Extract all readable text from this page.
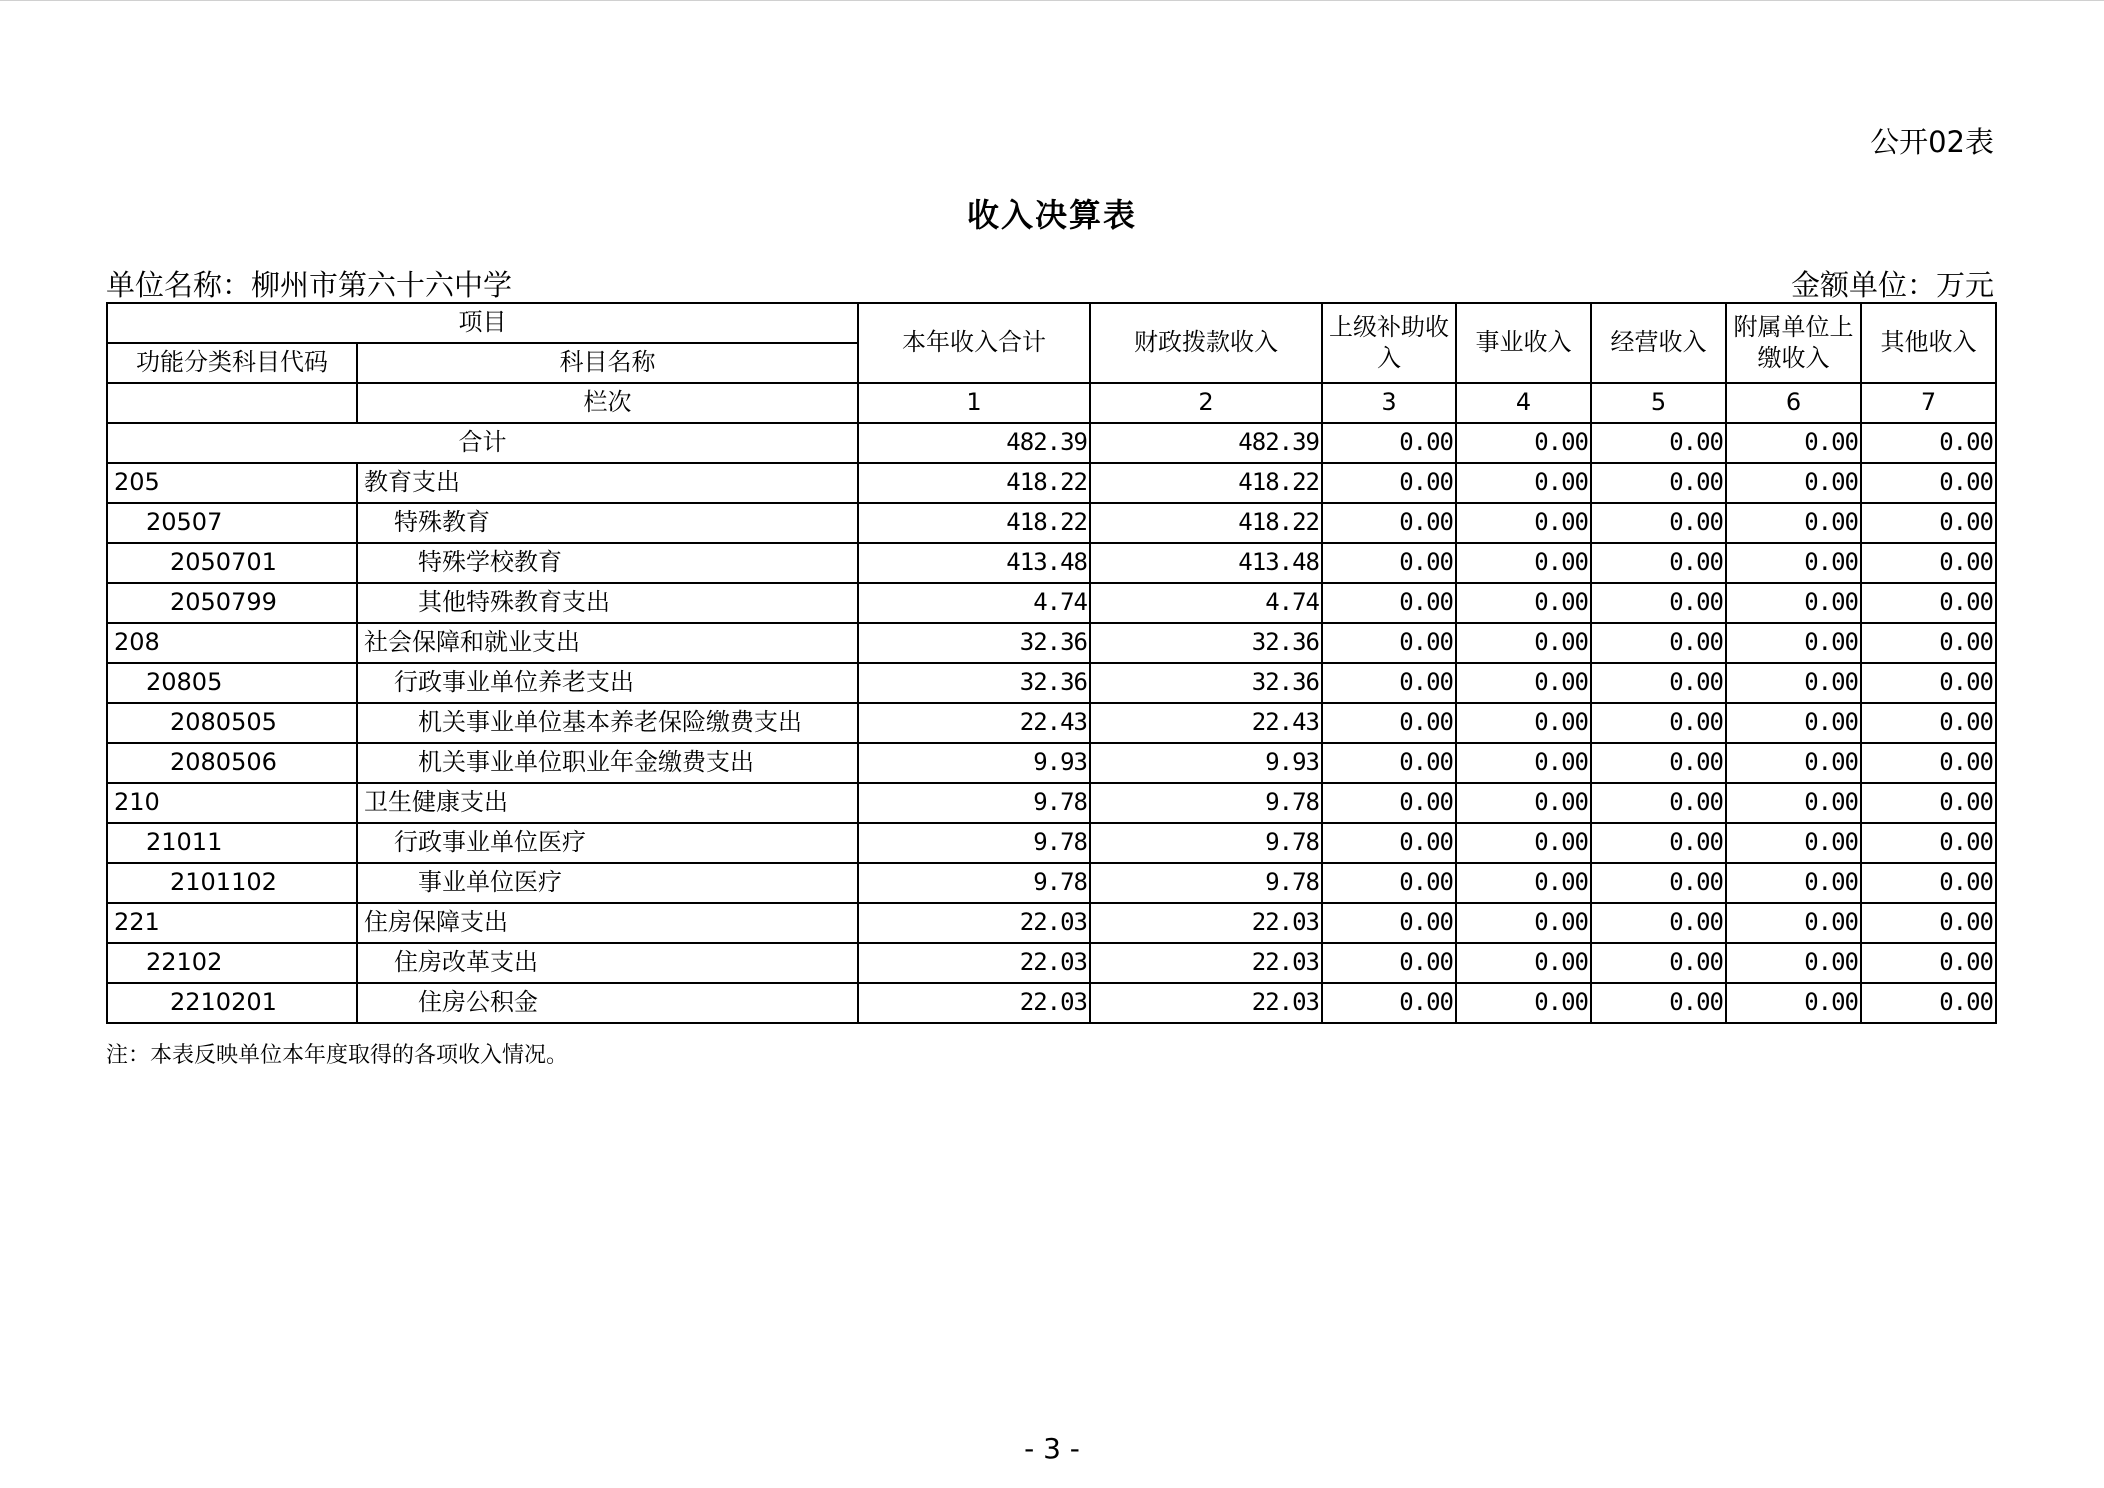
公开02表
收入决算表
单位名称：柳州市第六十六中学	金额单位：万元
项目		本年收入合计	财政拨款收入	上级补助收入	事业收入	经营收入	附属单位上缴收入	其他收入
功能分类科目代码	科目名称							
	栏次	1	2	3	4	5	6	7
合计		482.39	482.39	0.00	0.00	0.00	0.00	0.00
205	教育支出	418.22	418.22	0.00	0.00	0.00	0.00	0.00
20507	特殊教育	418.22	418.22	0.00	0.00	0.00	0.00	0.00
2050701	特殊学校教育	413.48	413.48	0.00	0.00	0.00	0.00	0.00
2050799	其他特殊教育支出	4.74	4.74	0.00	0.00	0.00	0.00	0.00
208	社会保障和就业支出	32.36	32.36	0.00	0.00	0.00	0.00	0.00
20805	行政事业单位养老支出	32.36	32.36	0.00	0.00	0.00	0.00	0.00
2080505	机关事业单位基本养老保险缴费支出	22.43	22.43	0.00	0.00	0.00	0.00	0.00
2080506	机关事业单位职业年金缴费支出	9.93	9.93	0.00	0.00	0.00	0.00	0.00
210	卫生健康支出	9.78	9.78	0.00	0.00	0.00	0.00	0.00
21011	行政事业单位医疗	9.78	9.78	0.00	0.00	0.00	0.00	0.00
2101102	事业单位医疗	9.78	9.78	0.00	0.00	0.00	0.00	0.00
221	住房保障支出	22.03	22.03	0.00	0.00	0.00	0.00	0.00
22102	住房改革支出	22.03	22.03	0.00	0.00	0.00	0.00	0.00
2210201	住房公积金	22.03	22.03	0.00	0.00	0.00	0.00	0.00
注：本表反映单位本年度取得的各项收入情况。
- 3 -
